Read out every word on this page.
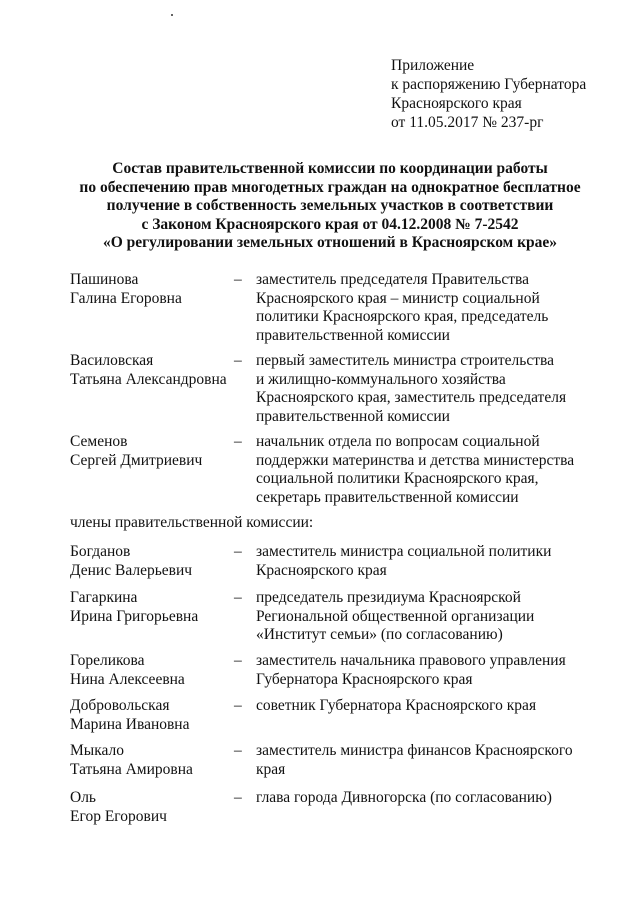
Приложение
к распоряжению Губернатора
Красноярского края
от 11.05.2017 № 237-рг
Состав правительственной комиссии по координации работы
по обеспечению прав многодетных граждан на однократное бесплатное
получение в собственность земельных участков в соответствии
с Законом Красноярского края от 04.12.2008 № 7-2542
«О регулировании земельных отношений в Красноярском крае»
Пашинова
Галина Егоровна
– заместитель председателя Правительства
Красноярского края – министр социальной
политики Красноярского края, председатель
правительственной комиссии
Василовская
Татьяна Александровна
– первый заместитель министра строительства
и жилищно-коммунального хозяйства
Красноярского края, заместитель председателя
правительственной комиссии
Семенов
Сергей Дмитриевич
– начальник отдела по вопросам социальной
поддержки материнства и детства министерства
социальной политики Красноярского края,
секретарь правительственной комиссии
члены правительственной комиссии:
Богданов
Денис Валерьевич
– заместитель министра социальной политики
Красноярского края
Гагаркина
Ирина Григорьевна
– председатель президиума Красноярской
Региональной общественной организации
«Институт семьи» (по согласованию)
Гореликова
Нина Алексеевна
– заместитель начальника правового управления
Губернатора Красноярского края
Добровольская
Марина Ивановна
– советник Губернатора Красноярского края
Мыкало
Татьяна Амировна
– заместитель министра финансов Красноярского
края
Оль
Егор Егорович
– глава города Дивногорска (по согласованию)
